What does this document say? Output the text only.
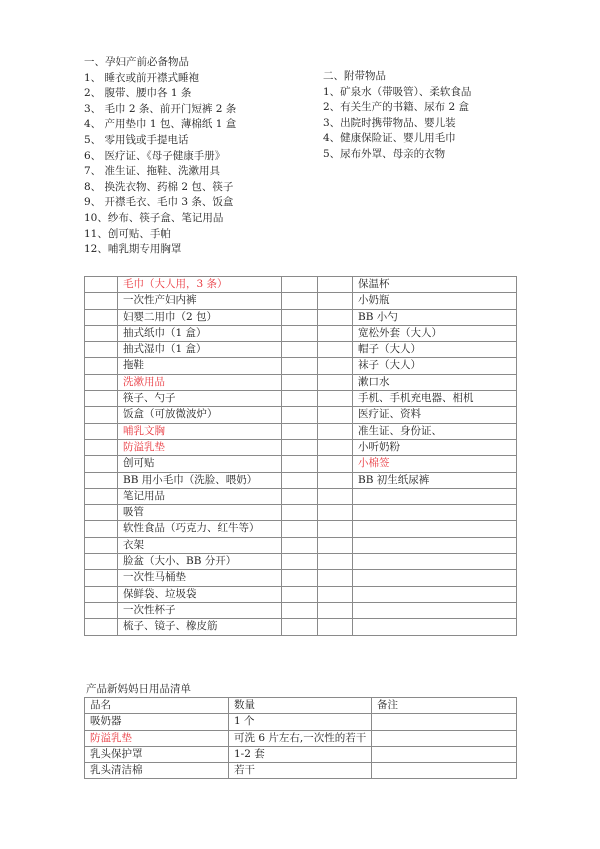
一、孕妇产前必备物品
1、 睡衣或前开襟式睡袍
2、 腹带、腰巾各 1 条
3、 毛巾 2 条、前开门短裤 2 条
4、 产用垫巾 1 包、薄棉纸 1 盒
5、 零用钱或手提电话
6、 医疗证、《母子健康手册》
7、 准生证、拖鞋、洗漱用具
8、 换洗衣物、药棉 2 包、筷子
9、 开襟毛衣、毛巾 3 条、饭盒
10、纱布、筷子盒、笔记用品
11、创可贴、手帕
12、哺乳期专用胸罩
二、附带物品
1、矿泉水（带吸管）、柔软食品
2、有关生产的书籍、尿布 2 盒
3、出院时携带物品、婴儿装
4、健康保险证、婴儿用毛巾
5、尿布外罩、母亲的衣物
	毛巾（大人用，3 条）			保温杯
	一次性产妇内裤			小奶瓶
	妇婴二用巾（2 包）			BB 小勺
	抽式纸巾（1 盒）			宽松外套（大人）
	抽式湿巾（1 盒）			帽子（大人）
	拖鞋			袜子（大人）
	洗漱用品			漱口水
	筷子、勺子			手机、手机充电器、相机
	饭盒（可放微波炉）			医疗证、资料
	哺乳文胸			准生证、身份证、
	防溢乳垫			小听奶粉
	创可贴			小棉签
	BB 用小毛巾（洗脸、喂奶）			BB 初生纸尿裤
	笔记用品			
	吸管			
	软性食品（巧克力、红牛等）			
	衣架			
	脸盆（大小、BB 分开）			
	一次性马桶垫			
	保鲜袋、垃圾袋			
	一次性杯子			
	梳子、镜子、橡皮筋			
产品新妈妈日用品清单
品名	数量	备注
吸奶器	1 个	
防溢乳垫	可洗 6 片左右,一次性的若干	
乳头保护罩	1-2 套	
乳头清洁棉	若干	
